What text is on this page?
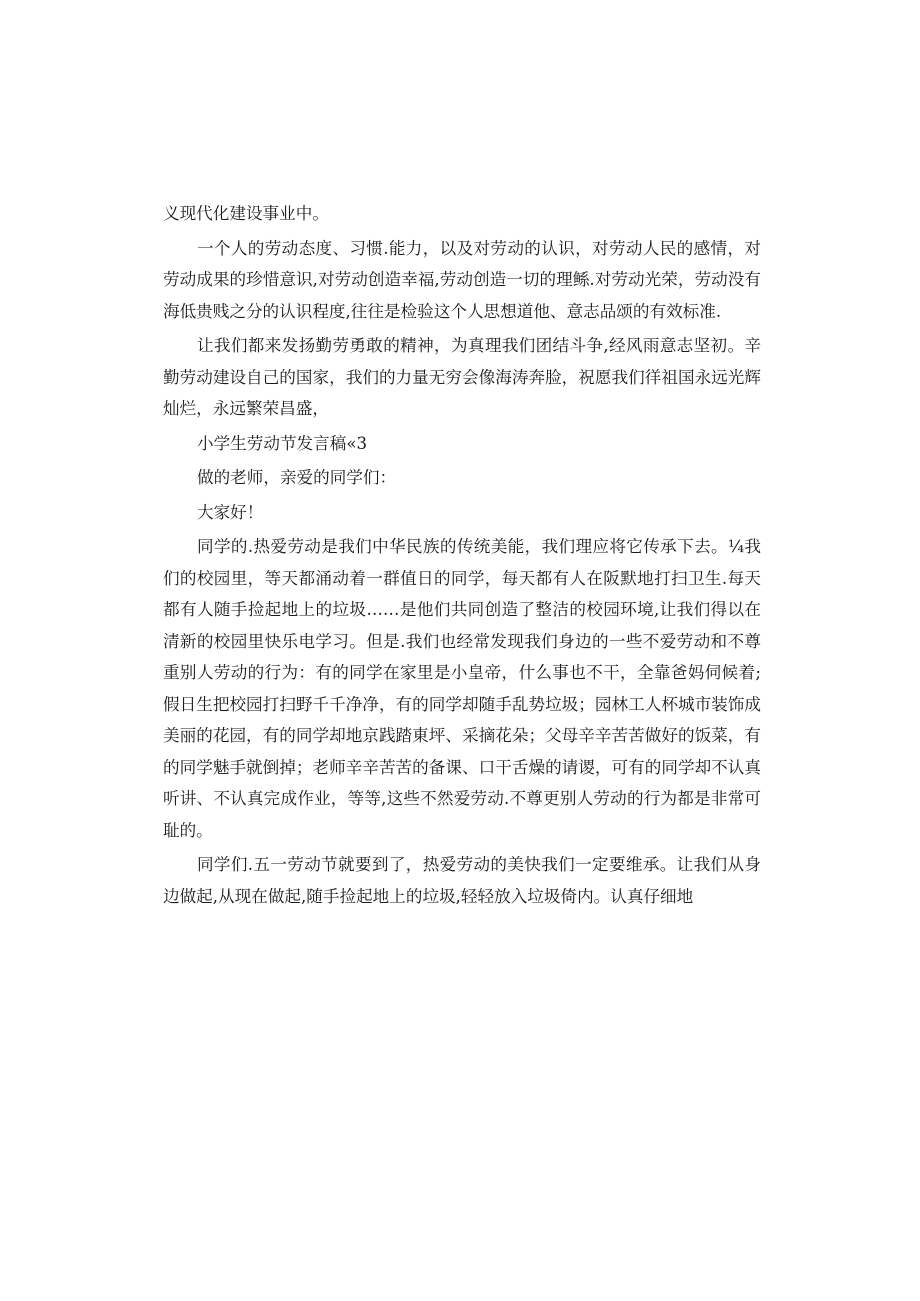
义现代化建设事业中。

一个人的劳动态度、习惯.能力，以及对劳动的认识，对劳动人民的感情，对劳动成果的珍惜意识,对劳动创造幸福,劳动创造一切的理鲧.对劳动光荣，劳动没有海低贵贱之分的认识程度,往往是检验这个人思想道他、意志品颂的有效标准.

让我们都来发扬勤劳勇敢的精神，为真理我们团结斗争,经风雨意志坚初。辛勤劳动建设自己的国家，我们的力量无穷会像海涛奔脸，祝愿我们徉祖国永远光辉灿烂，永远繁荣昌盛，

小学生劳动节发言稿«3

做的老师，亲爱的同学们：

大家好！

同学的.热爱劳动是我们中华民族的传统美能，我们理应将它传承下去。¼我们的校园里，等天都涌动着一群值日的同学，每天都有人在阪默地打扫卫生.每天都有人随手捡起地上的垃圾……是他们共同创造了整洁的校园环境,让我们得以在清新的校园里快乐电学习。但是.我们也经常发现我们身边的一些不爱劳动和不尊重别人劳动的行为：有的同学在家里是小皇帝，什么事也不干，全靠爸妈伺候着;假日生把校园打扫野千千净净，有的同学却随手乱势垃圾；园林工人杯城市装饰成美丽的花园，有的同学却地京践踏東坪、采摘花朵；父母辛辛苦苦做好的饭菜，有的同学魅手就倒掉；老师辛辛苦苦的备课、口干舌燥的请谡，可有的同学却不认真听讲、不认真完成作业，等等,这些不然爱劳动.不尊更别人劳动的行为都是非常可耻的。

同学们.五一劳动节就要到了，热爱劳动的美快我们一定要维承。让我们从身边做起,从现在做起,随手捡起地上的垃圾,轻轻放入垃圾倚内。认真仔细地
